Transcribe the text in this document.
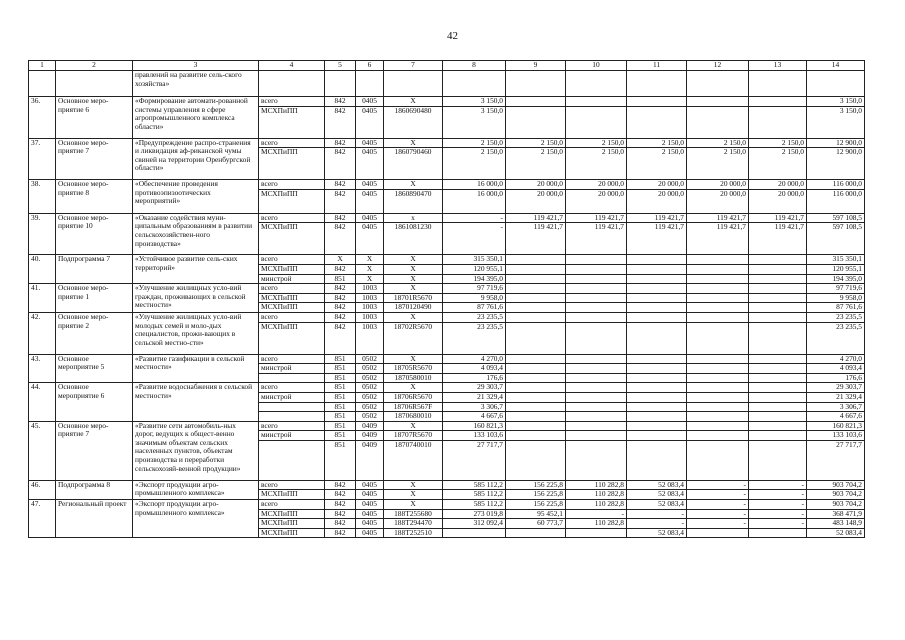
42
1	2	3	4	5	6	7	8	9	10	11	12	13	14
		правлений на развитие сель-ского хозяйства»											
36.	Основное меро-приятие 6	«Формирование автомати-рованной системы управления в сфере агропромышленного комплекса области»	всего	842	0405	X	3 150,0						3 150,0
			МСХПиПП	842	0405	1860690480	3 150,0						3 150,0
37.	Основное меро-приятие 7	«Предупреждение распро-странения и ликвидация аф-риканской чумы свиней на территории Оренбургской области»	всего	842	0405	X	2 150,0	2 150,0	2 150,0	2 150,0	2 150,0	2 150,0	12 900,0
			МСХПиПП	842	0405	1860790460	2 150,0	2 150,0	2 150,0	2 150,0	2 150,0	2 150,0	12 900,0
38.	Основное меро-приятие 8	«Обеспечение проведения противоэпизоотических мероприятий»	всего	842	0405	X	16 000,0	20 000,0	20 000,0	20 000,0	20 000,0	20 000,0	116 000,0
			МСХПиПП	842	0405	1860890470	16 000,0	20 000,0	20 000,0	20 000,0	20 000,0	20 000,0	116 000,0
39.	Основное меро-приятие 10	«Оказание содействия муни-ципальным образованиям в развитии сельскохозяйствен-ного производства»	всего	842	0405	x	-	119 421,7	119 421,7	119 421,7	119 421,7	119 421,7	597 108,5
			МСХПиПП	842	0405	1861081230	-	119 421,7	119 421,7	119 421,7	119 421,7	119 421,7	597 108,5
40.	Подпрограмма 7	«Устойчивое развитие сель-ских территорий»	всего	X	X	X	315 350,1						315 350,1
			МСХПиПП	842	X	X	120 955,1						120 955,1
			минстрой	851	X	X	194 395,0						194 395,0
41.	Основное меро-приятие 1	«Улучшение жилищных усло-вий граждан, проживающих в сельской местности»	всего	842	1003	X	97 719,6						97 719,6
			МСХПиПП	842	1003	18701R5670	9 958,0						9 958,0
			МСХПиПП	842	1003	1870120490	87 761,6						87 761,6
42.	Основное меро-приятие 2	«Улучшение жилищных усло-вий молодых семей и моло-дых специалистов, прожи-вающих в сельской местно-сти»	всего	842	1003	X	23 235,5						23 235,5
			МСХПиПП	842	1003	18702R5670	23 235,5						23 235,5
43.	Основное мероприятие 5	«Развитие газификации в сельской местности»	всего	851	0502	X	4 270,0						4 270,0
			минстрой	851	0502	18705R5670	4 093,4						4 093,4
				851	0502	1870580010	176,6						176,6
44.	Основное мероприятие 6	«Развитие водоснабжения в сельской местности»	всего	851	0502	X	29 303,7						29 303,7
			минстрой	851	0502	18706R5670	21 329,4						21 329,4
				851	0502	18706R567F	3 306,7						3 306,7
				851	0502	1870680010	4 667,6						4 667,6
45.	Основное меро-приятие 7	«Развитие сети автомобиль-ных дорог, ведущих к общест-венно значимым объектам сельских населенных пунктов, объектам производства и переработки сельскохозяй-венной продукции»	всего	851	0409	X	160 821,3						160 821,3
			минстрой	851	0409	18707R5670	133 103,6						133 103,6
				851	0409	1870740010	27 717,7						27 717,7
46.	Подпрограмма 8	«Экспорт продукции агро-промышленного комплекса»	всего	842	0405	X	585 112,2	156 225,8	110 282,8	52 083,4	-	-	903 704,2
			МСХПиПП	842	0405	X	585 112,2	156 225,8	110 282,8	52 083,4	-	-	903 704,2
47.	Региональный проект	«Экспорт продукции агро-промышленного комплекса»	всего	842	0405	X	585 112,2	156 225,8	110 282,8	52 083,4	-	-	903 704,2
			МСХПиПП	842	0405	188T255680	273 019,8	95 452,1	-	-	-	-	368 471,9
			МСХПиПП	842	0405	188T294470	312 092,4	60 773,7	110 282,8	-	-	-	483 148,9
			МСХПиПП	842	0405	188T252510				52 083,4			52 083,4
